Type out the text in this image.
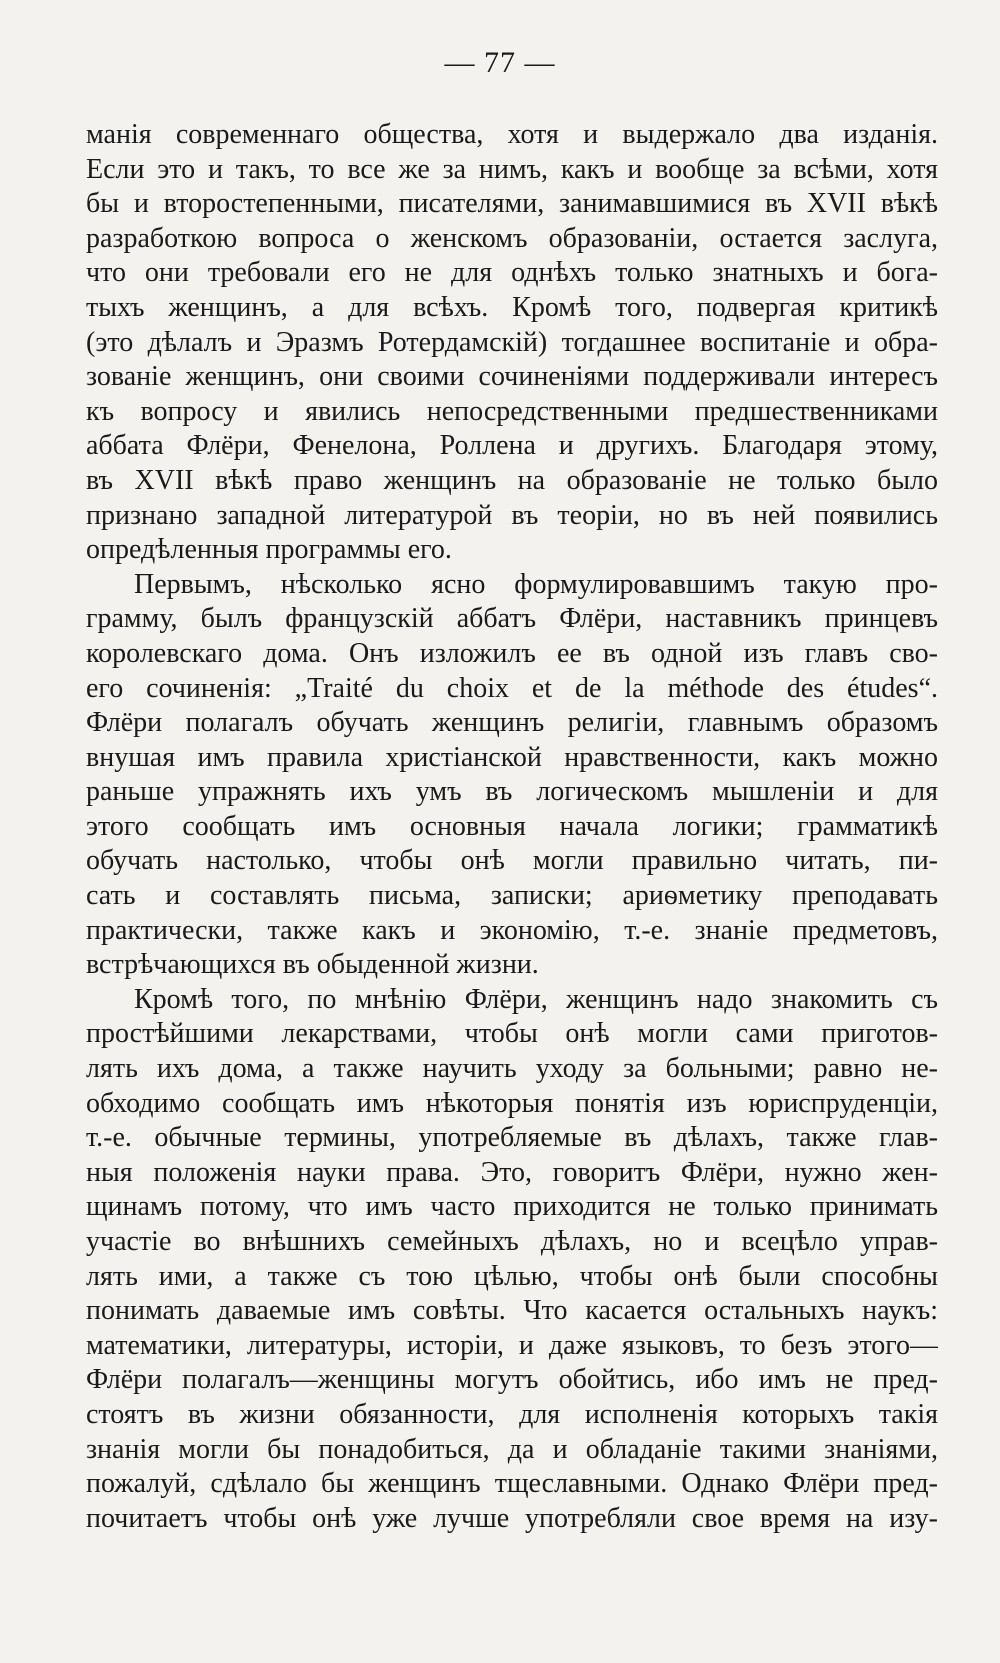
— 77 —
манія современнаго общества, хотя и выдержало два изданія.
Если это и такъ, то все же за нимъ, какъ и вообще за всѣми, хотя
бы и второстепенными, писателями, занимавшимися въ XVII вѣкѣ
разработкою вопроса о женскомъ образованіи, остается заслуга,
что они требовали его не для однѣхъ только знатныхъ и бога-
тыхъ женщинъ, а для всѣхъ. Кромѣ того, подвергая критикѣ
(это дѣлалъ и Эразмъ Ротердамскій) тогдашнее воспитаніе и обра-
зованіе женщинъ, они своими сочиненіями поддерживали интересъ
къ вопросу и явились непосредственными предшественниками
аббата Флёри, Фенелона, Роллена и другихъ. Благодаря этому,
въ XVII вѣкѣ право женщинъ на образованіе не только было
признано западной литературой въ теоріи, но въ ней появились
опредѣленныя программы его.
Первымъ, нѣсколько ясно формулировавшимъ такую про-
грамму, былъ французскій аббатъ Флёри, наставникъ принцевъ
королевскаго дома. Онъ изложилъ ее въ одной изъ главъ сво-
его сочиненія: „Traité du choix et de la méthode des études“.
Флёри полагалъ обучать женщинъ религіи, главнымъ образомъ
внушая имъ правила христіанской нравственности, какъ можно
раньше упражнять ихъ умъ въ логическомъ мышленіи и для
этого сообщать имъ основныя начала логики; грамматикѣ
обучать настолько, чтобы онѣ могли правильно читать, пи-
сать и составлять письма, записки; ариѳметику преподавать
практически, также какъ и экономію, т.-е. знаніе предметовъ,
встрѣчающихся въ обыденной жизни.
Кромѣ того, по мнѣнію Флёри, женщинъ надо знакомить съ
простѣйшими лекарствами, чтобы онѣ могли сами приготов-
лять ихъ дома, а также научить уходу за больными; равно не-
обходимо сообщать имъ нѣкоторыя понятія изъ юриспруденціи,
т.-е. обычные термины, употребляемые въ дѣлахъ, также глав-
ныя положенія науки права. Это, говоритъ Флёри, нужно жен-
щинамъ потому, что имъ часто приходится не только принимать
участіе во внѣшнихъ семейныхъ дѣлахъ, но и всецѣло управ-
лять ими, а также съ тою цѣлью, чтобы онѣ были способны
понимать даваемые имъ совѣты. Что касается остальныхъ наукъ:
математики, литературы, исторіи, и даже языковъ, то безъ этого—
Флёри полагалъ—женщины могутъ обойтись, ибо имъ не пред-
стоятъ въ жизни обязанности, для исполненія которыхъ такія
знанія могли бы понадобиться, да и обладаніе такими знаніями,
пожалуй, сдѣлало бы женщинъ тщеславными. Однако Флёри пред-
почитаетъ чтобы онѣ уже лучше употребляли свое время на изу-
